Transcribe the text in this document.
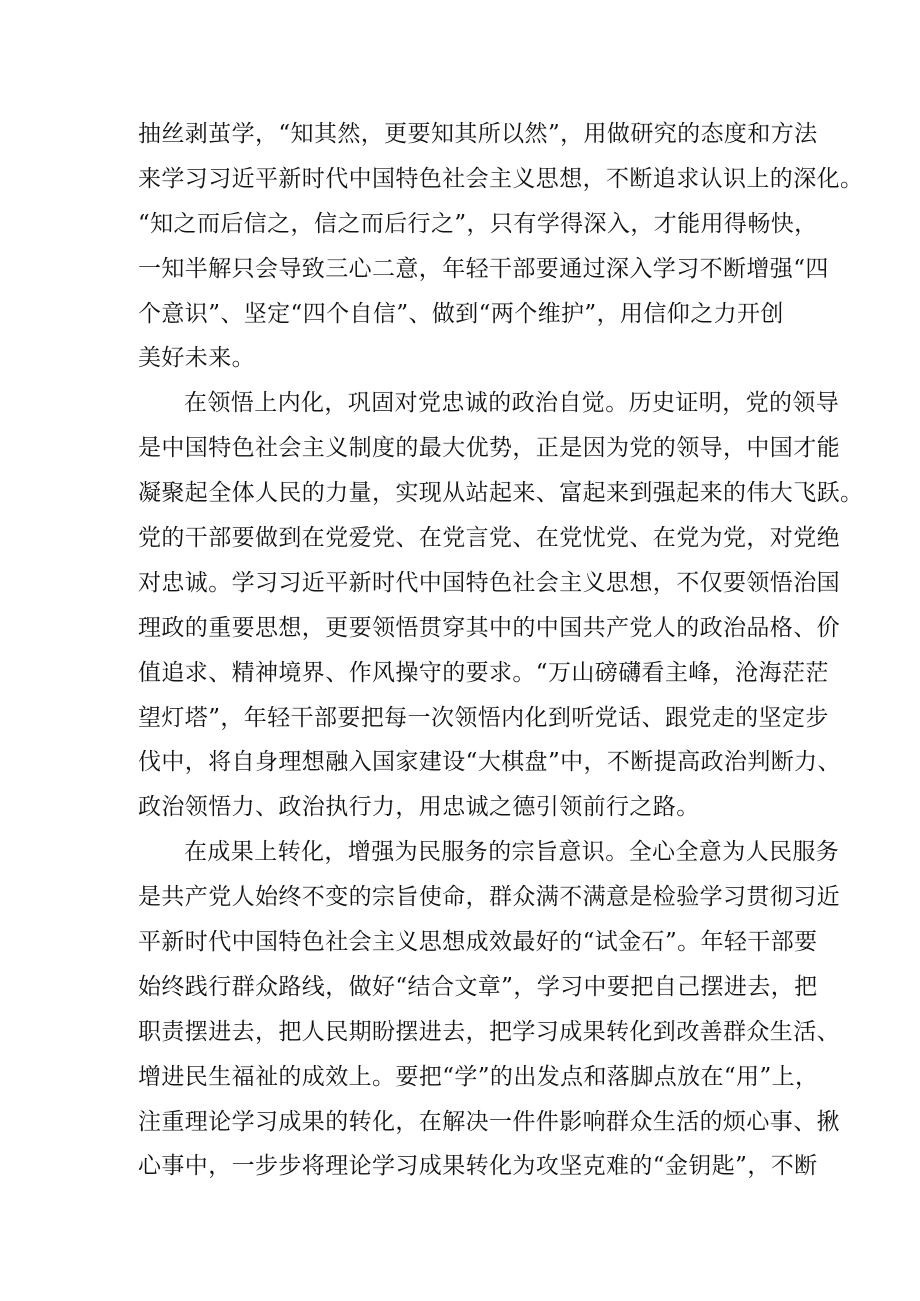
抽丝剥茧学，“知其然，更要知其所以然”，用做研究的态度和方法
来学习习近平新时代中国特色社会主义思想，不断追求认识上的深化。
“知之而后信之，信之而后行之”，只有学得深入，才能用得畅快，
一知半解只会导致三心二意，年轻干部要通过深入学习不断增强“四
个意识”、坚定“四个自信”、做到“两个维护”，用信仰之力开创
美好未来。
在领悟上内化，巩固对党忠诚的政治自觉。历史证明，党的领导
是中国特色社会主义制度的最大优势，正是因为党的领导，中国才能
凝聚起全体人民的力量，实现从站起来、富起来到强起来的伟大飞跃。
党的干部要做到在党爱党、在党言党、在党忧党、在党为党，对党绝
对忠诚。学习习近平新时代中国特色社会主义思想，不仅要领悟治国
理政的重要思想，更要领悟贯穿其中的中国共产党人的政治品格、价
值追求、精神境界、作风操守的要求。“万山磅礴看主峰，沧海茫茫
望灯塔”，年轻干部要把每一次领悟内化到听党话、跟党走的坚定步
伐中，将自身理想融入国家建设“大棋盘”中，不断提高政治判断力、
政治领悟力、政治执行力，用忠诚之德引领前行之路。
在成果上转化，增强为民服务的宗旨意识。全心全意为人民服务
是共产党人始终不变的宗旨使命，群众满不满意是检验学习贯彻习近
平新时代中国特色社会主义思想成效最好的“试金石”。年轻干部要
始终践行群众路线，做好“结合文章”，学习中要把自己摆进去，把
职责摆进去，把人民期盼摆进去，把学习成果转化到改善群众生活、
增进民生福祉的成效上。要把“学”的出发点和落脚点放在“用”上，
注重理论学习成果的转化，在解决一件件影响群众生活的烦心事、揪
心事中，一步步将理论学习成果转化为攻坚克难的“金钥匙”，不断
